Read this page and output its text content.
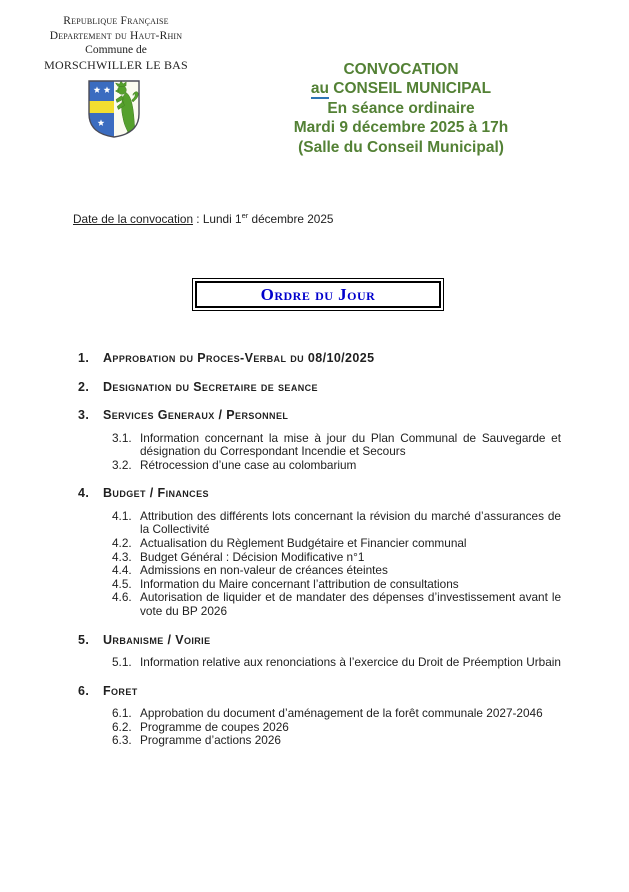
Republique Française
Departement du Haut-Rhin
Commune de
MORSCHWILLER LE BAS	CONVOCATION
au CONSEIL MUNICIPAL
En séance ordinaire
Mardi 9 décembre 2025 à 17h
(Salle du Conseil Municipal)
Date de la convocation : Lundi 1er décembre 2025
Ordre du Jour
1.	Approbation du Proces-Verbal du 08/10/2025
2.	Designation du Secretaire de seance
3.	Services Generaux / Personnel
3.1. Information concernant la mise à jour du Plan Communal de Sauvegarde et désignation du Correspondant Incendie et Secours
3.2. Rétrocession d’une case au colombarium
4.	Budget / Finances
4.1. Attribution des différents lots concernant la révision du marché d’assurances de la Collectivité
4.2. Actualisation du Règlement Budgétaire et Financier communal
4.3. Budget Général : Décision Modificative n°1
4.4. Admissions en non-valeur de créances éteintes
4.5. Information du Maire concernant l’attribution de consultations
4.6. Autorisation de liquider et de mandater des dépenses d’investissement avant le vote du BP 2026
5.	Urbanisme / Voirie
5.1. Information relative aux renonciations à l’exercice du Droit de Préemption Urbain
6.	Foret
6.1. Approbation du document d’aménagement de la forêt communale 2027-2046
6.2. Programme de coupes 2026
6.3. Programme d’actions 2026
